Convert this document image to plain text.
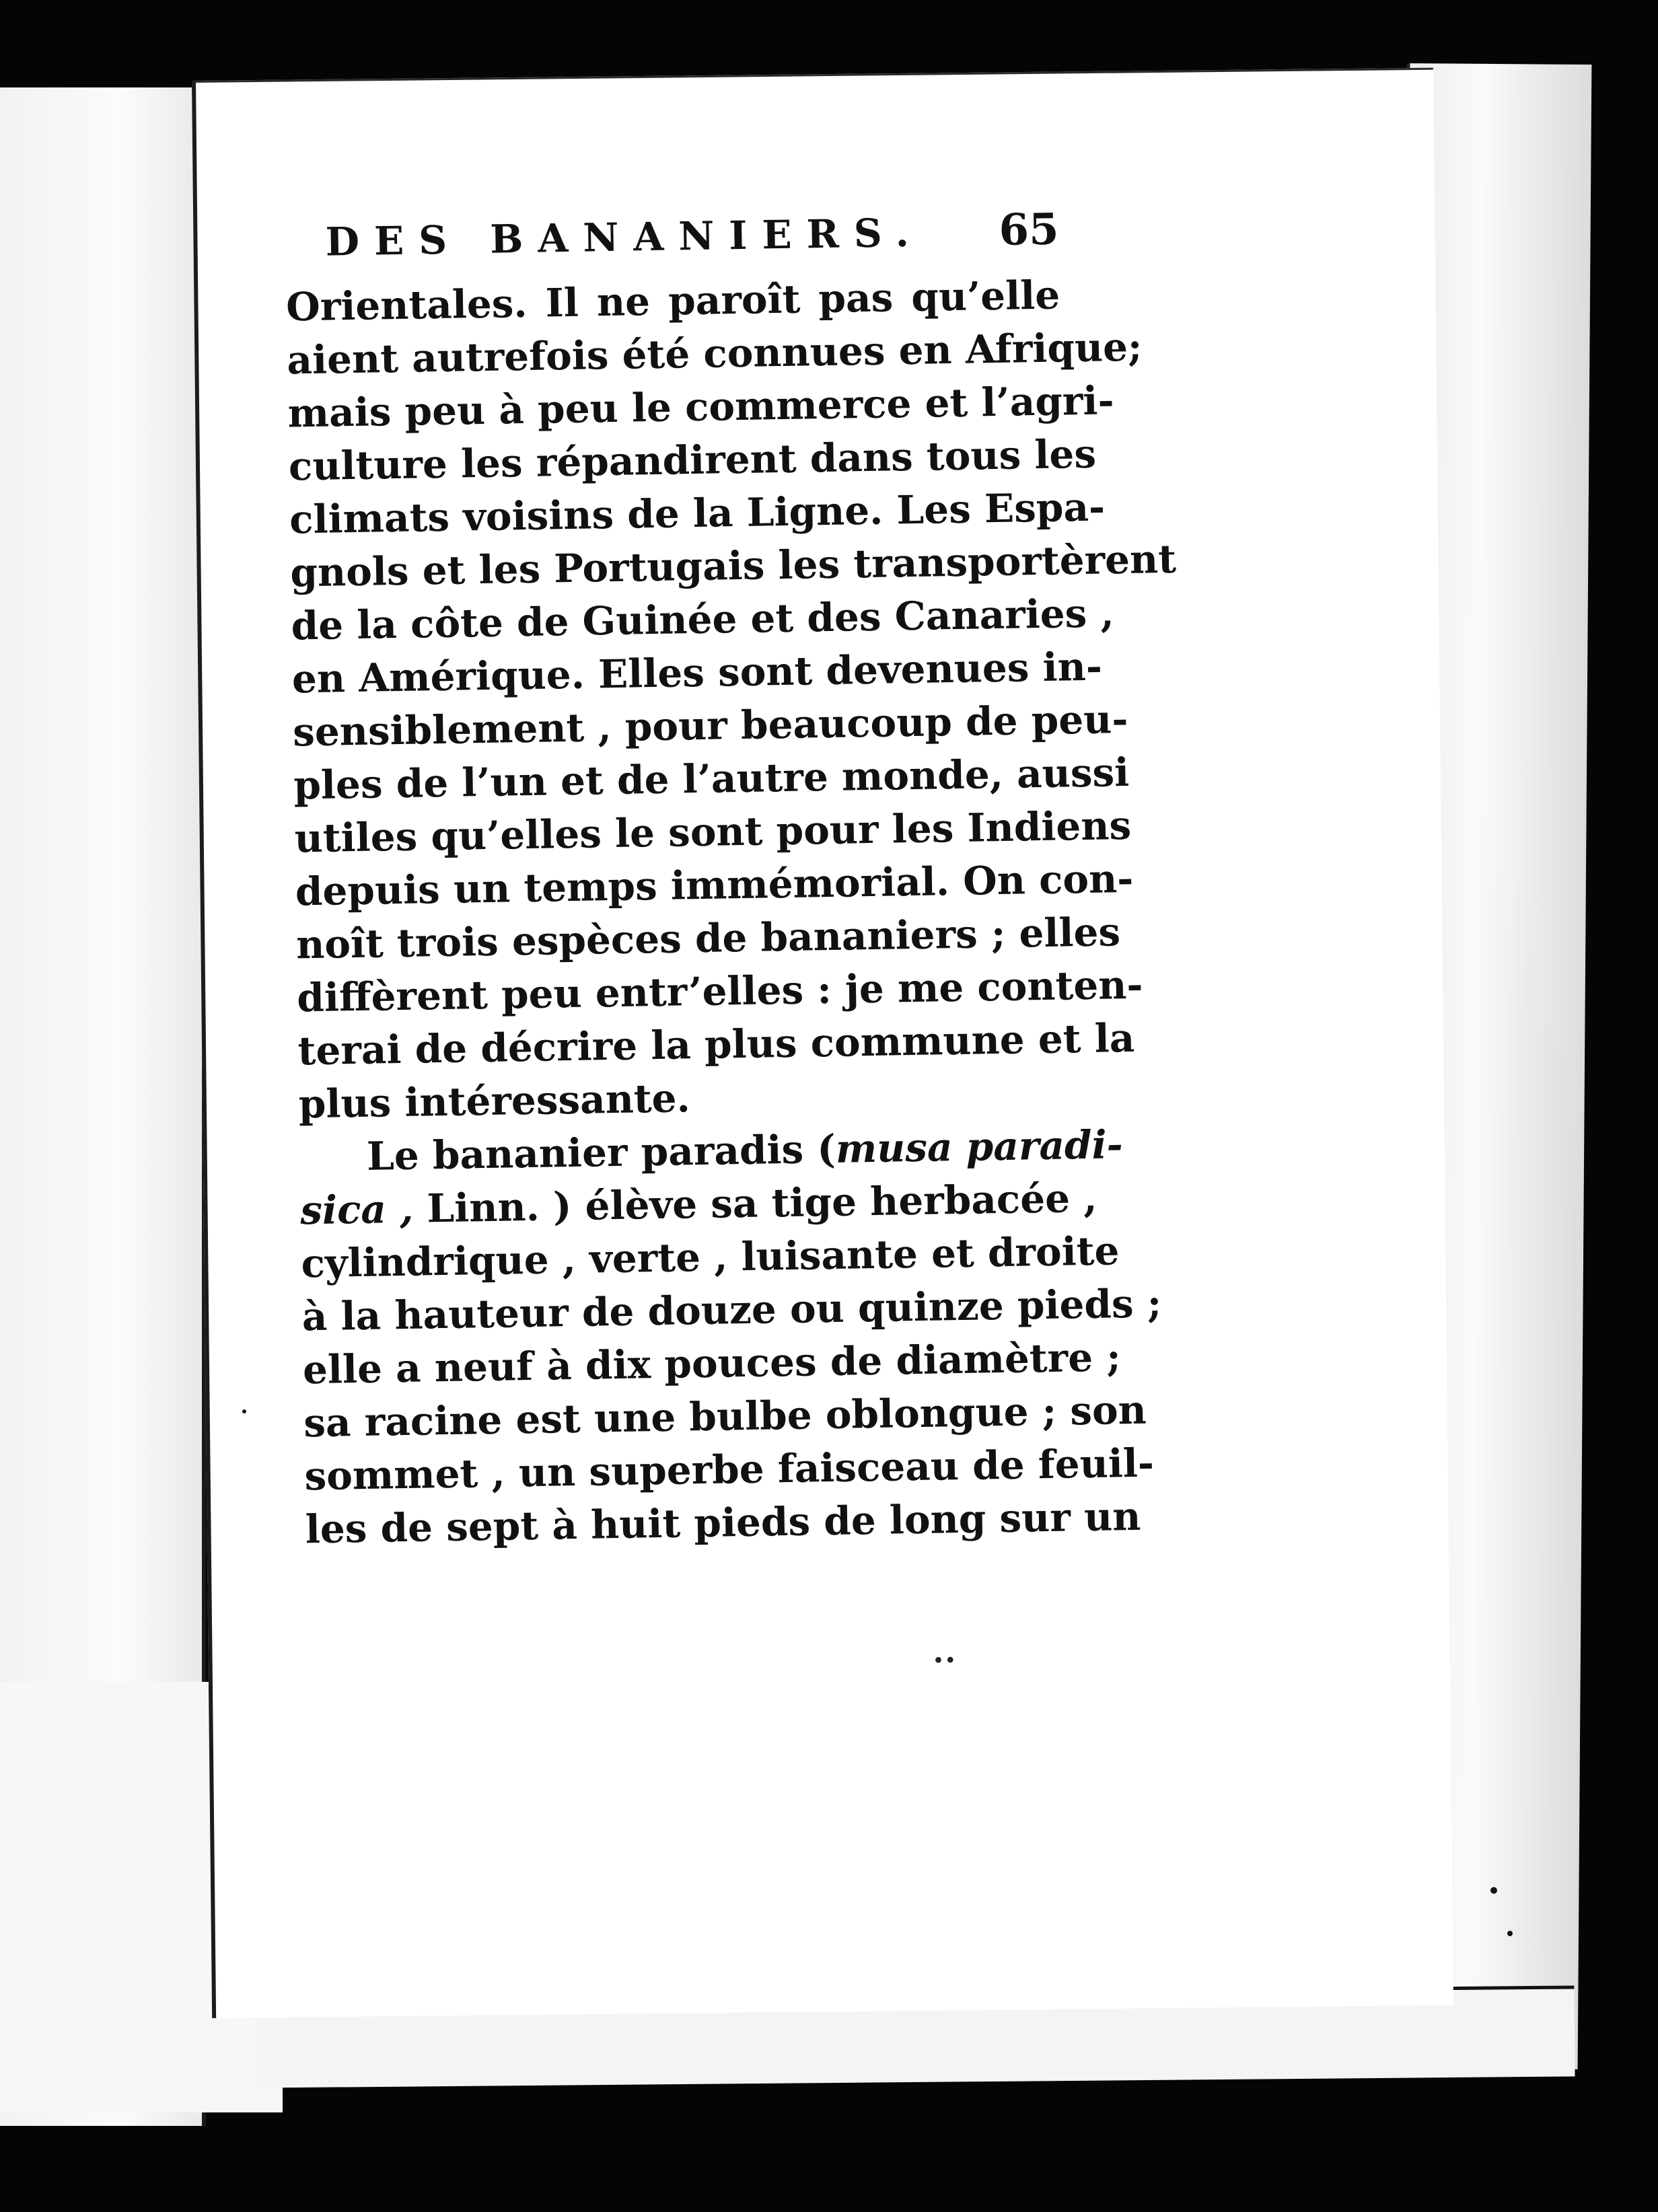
DES BANANIERS. 65
Orientales. Il ne paroît pas qu’elle
aient autrefois été connues en Afrique;
mais peu à peu le commerce et l’agri-
culture les répandirent dans tous les
climats voisins de la Ligne. Les Espa-
gnols et les Portugais les transportèrent
de la côte de Guinée et des Canaries ,
en Amérique. Elles sont devenues in-
sensiblement , pour beaucoup de peu-
ples de l’un et de l’autre monde, aussi
utiles qu’elles le sont pour les Indiens
depuis un temps immémorial. On con-
noît trois espèces de bananiers ; elles
diffèrent peu entr’elles : je me conten-
terai de décrire la plus commune et la
plus intéressante.
Le bananier paradis (musa paradi-
sica , Linn. ) élève sa tige herbacée ,
cylindrique , verte , luisante et droite
à la hauteur de douze ou quinze pieds ;
elle a neuf à dix pouces de diamètre ;
sa racine est une bulbe oblongue ; son
sommet , un superbe faisceau de feuil-
les de sept à huit pieds de long sur un
••
